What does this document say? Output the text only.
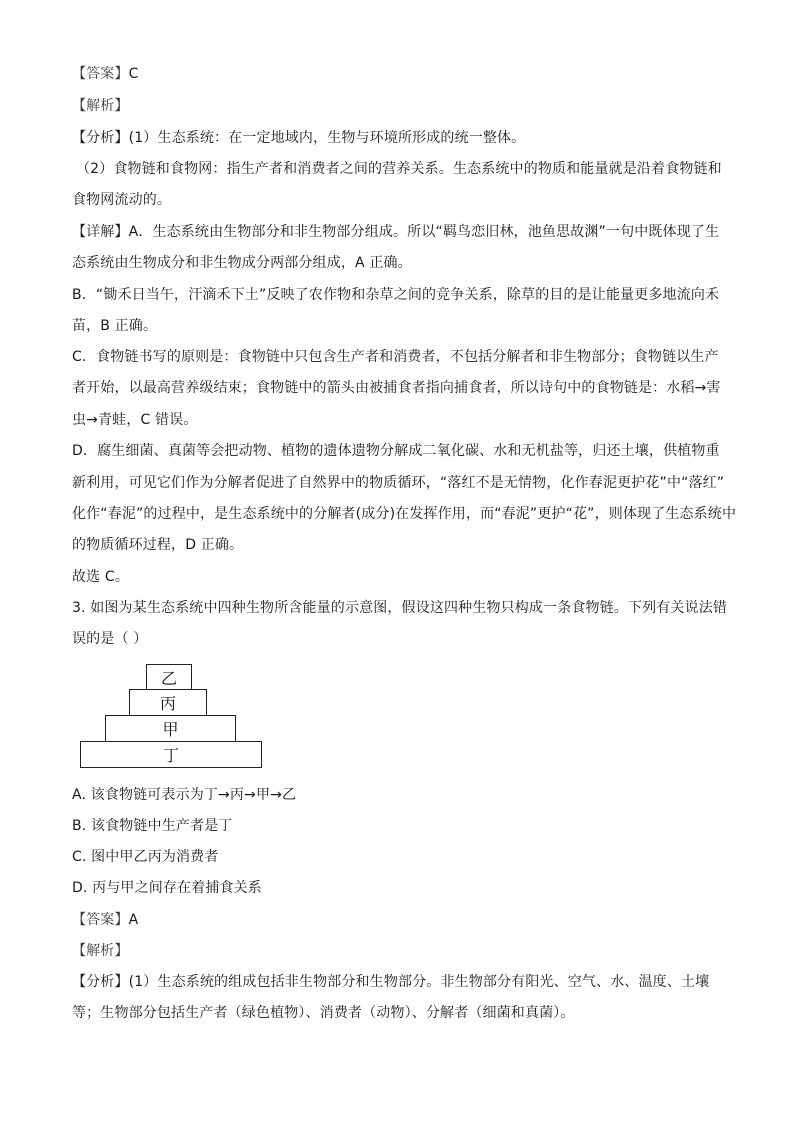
【答案】C
【解析】
【分析】(1）生态系统：在一定地域内，生物与环境所形成的统一整体。
（2）食物链和食物网：指生产者和消费者之间的营养关系。生态系统中的物质和能量就是沿着食物链和
食物网流动的。
【详解】A．生态系统由生物部分和非生物部分组成。所以“羁鸟恋旧林，池鱼思故渊”一句中既体现了生
态系统由生物成分和非生物成分两部分组成，A 正确。
B．“锄禾日当午，汗滴禾下土”反映了农作物和杂草之间的竞争关系，除草的目的是让能量更多地流向禾
苗，B 正确。
C．食物链书写的原则是：食物链中只包含生产者和消费者，不包括分解者和非生物部分；食物链以生产
者开始，以最高营养级结束；食物链中的箭头由被捕食者指向捕食者，所以诗句中的食物链是：水稻→害
虫→青蛙，C 错误。
D．腐生细菌、真菌等会把动物、植物的遗体遗物分解成二氧化碳、水和无机盐等，归还土壤，供植物重
新利用，可见它们作为分解者促进了自然界中的物质循环，“落红不是无情物，化作春泥更护花”中“落红”
化作“春泥”的过程中，是生态系统中的分解者(成分)在发挥作用，而“春泥”更护“花”，则体现了生态系统中
的物质循环过程，D 正确。
故选 C。
3. 如图为某生态系统中四种生物所含能量的示意图，假设这四种生物只构成一条食物链。下列有关说法错
误的是（ ）
乙
丙
甲
丁
A. 该食物链可表示为丁→丙→甲→乙
B. 该食物链中生产者是丁
C. 图中甲乙丙为消费者
D. 丙与甲之间存在着捕食关系
【答案】A
【解析】
【分析】(1）生态系统的组成包括非生物部分和生物部分。非生物部分有阳光、空气、水、温度、土壤
等；生物部分包括生产者（绿色植物）、消费者（动物）、分解者（细菌和真菌）。
